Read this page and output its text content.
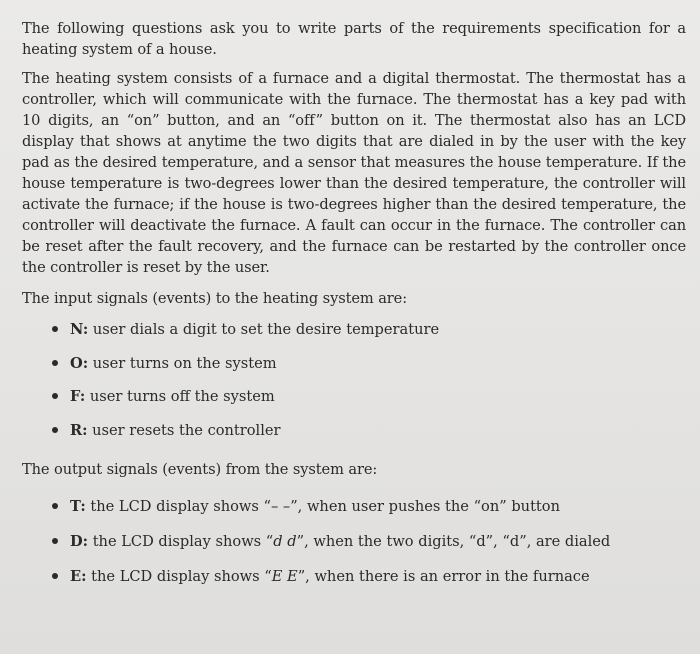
The following questions ask you to write parts of the requirements specification for a heating system of a house.

The heating system consists of a furnace and a digital thermostat. The thermostat has a controller, which will communicate with the furnace. The thermostat has a key pad with 10 digits, an “on” button, and an “off” button on it. The thermostat also has an LCD display that shows at anytime the two digits that are dialed in by the user with the key pad as the desired temperature, and a sensor that measures the house temperature. If the house temperature is two-degrees lower than the desired temperature, the controller will activate the furnace; if the house is two-degrees higher than the desired temperature, the controller will deactivate the furnace. A fault can occur in the furnace. The controller can be reset after the fault recovery, and the furnace can be restarted by the controller once the controller is reset by the user.

The input signals (events) to the heating system are:

N: user dials a digit to set the desire temperature
O: user turns on the system
F: user turns off the system
R: user resets the controller

The output signals (events) from the system are:

T: the LCD display shows “– –”, when user pushes the “on” button
D: the LCD display shows “d d”, when the two digits, “d”, “d”, are dialed
E: the LCD display shows “E E”, when there is an error in the furnace
